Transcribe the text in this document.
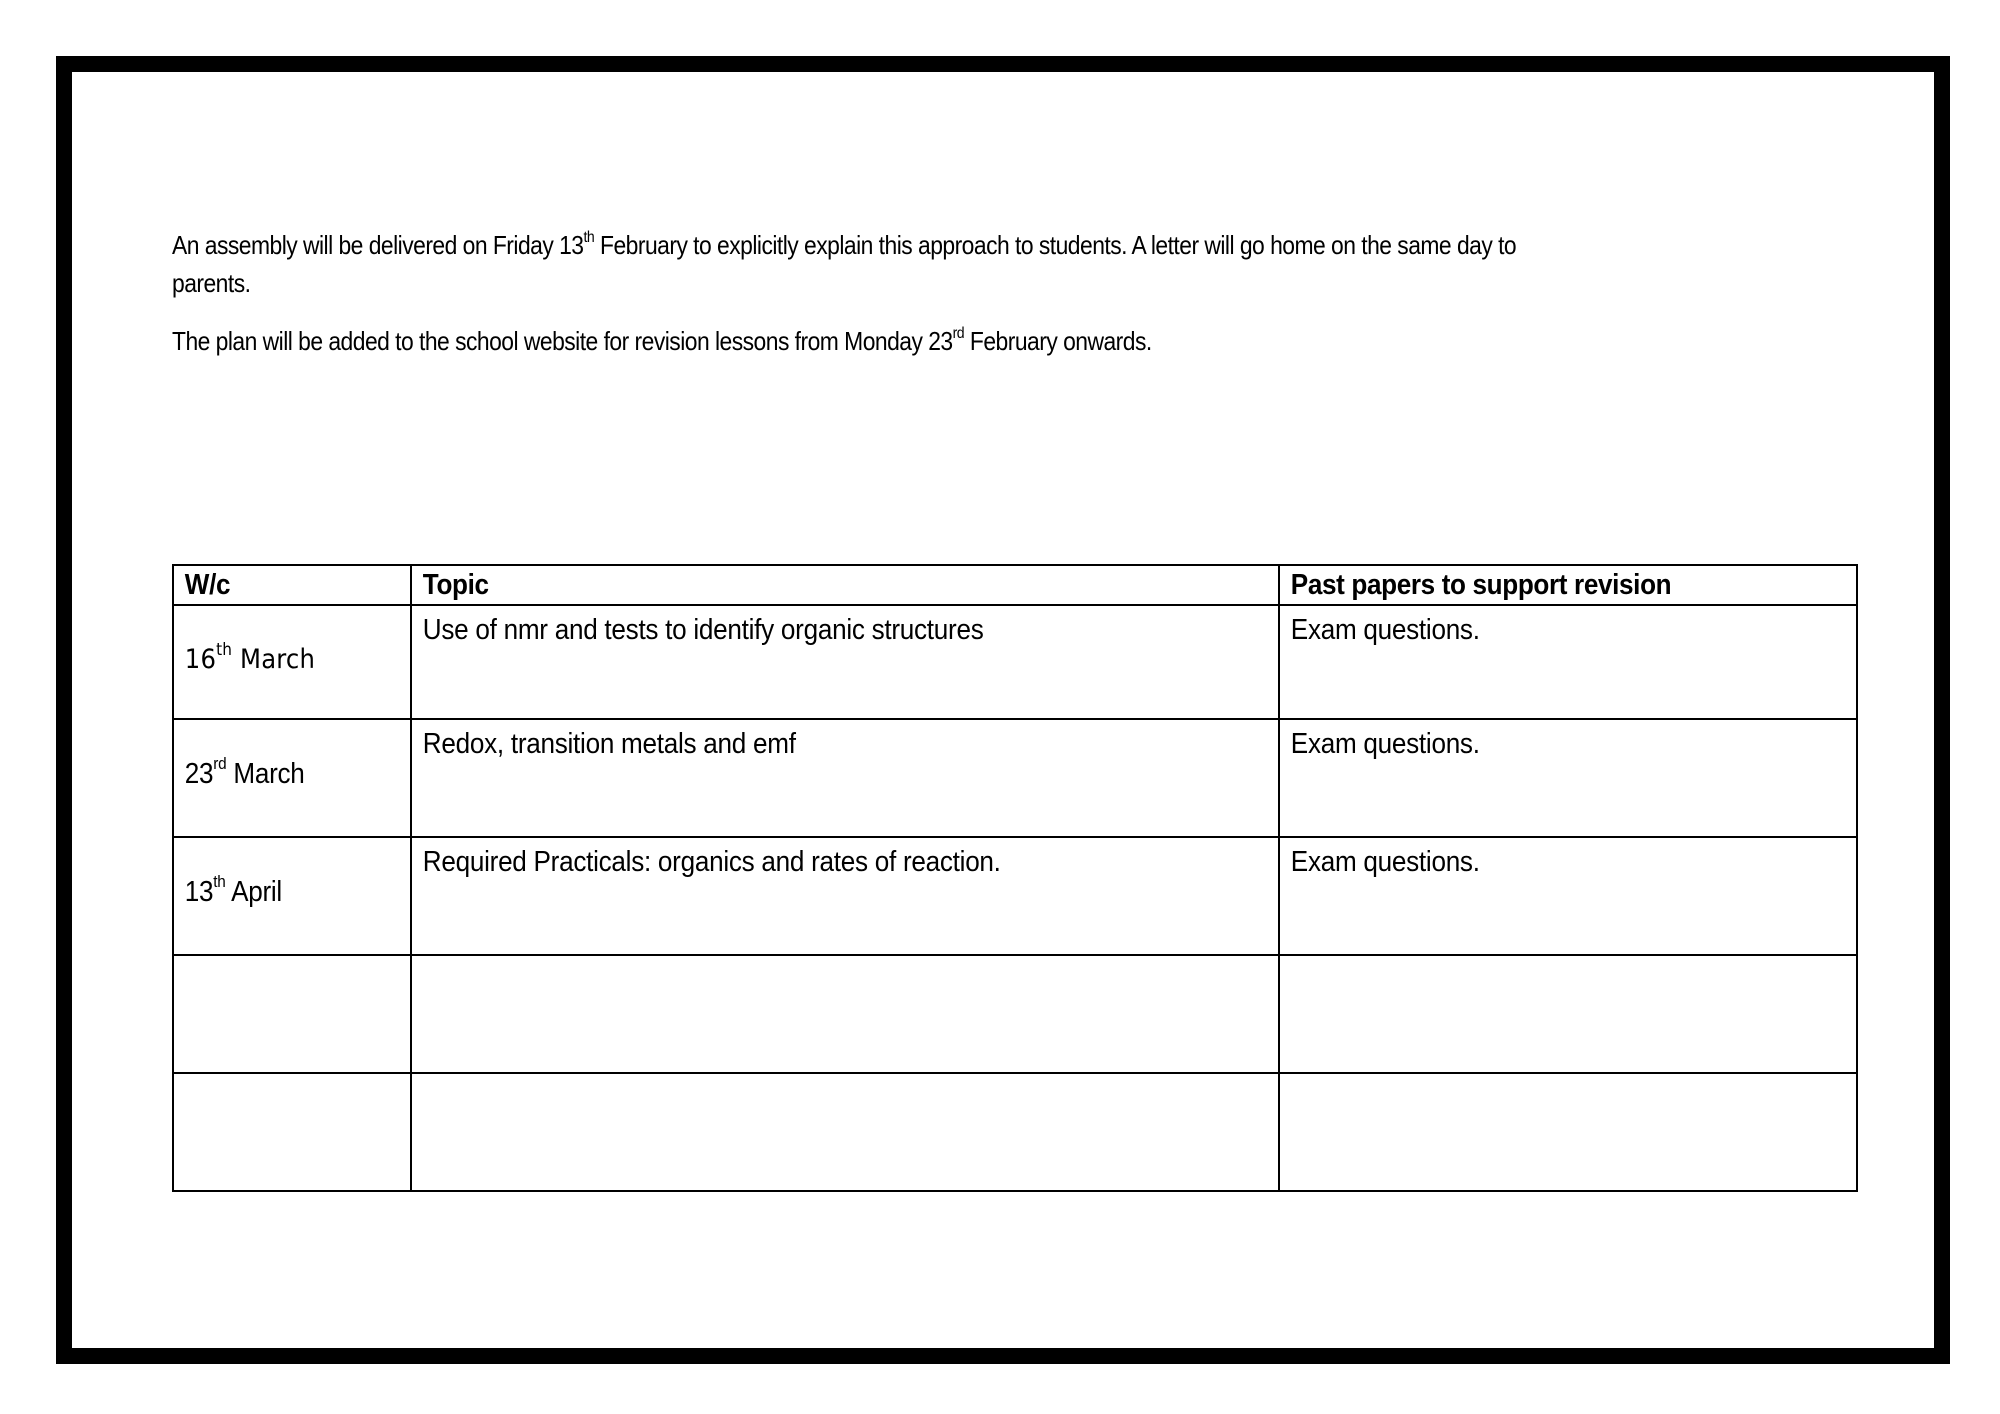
An assembly will be delivered on Friday 13th February to explicitly explain this approach to students. A letter will go home on the same day to parents.

The plan will be added to the school website for revision lessons from Monday 23rd February onwards.

W/c	Topic	Past papers to support revision
16th March	Use of nmr and tests to identify organic structures	Exam questions.
23rd March	Redox, transition metals and emf	Exam questions.
13th April	Required Practicals: organics and rates of reaction.	Exam questions.
